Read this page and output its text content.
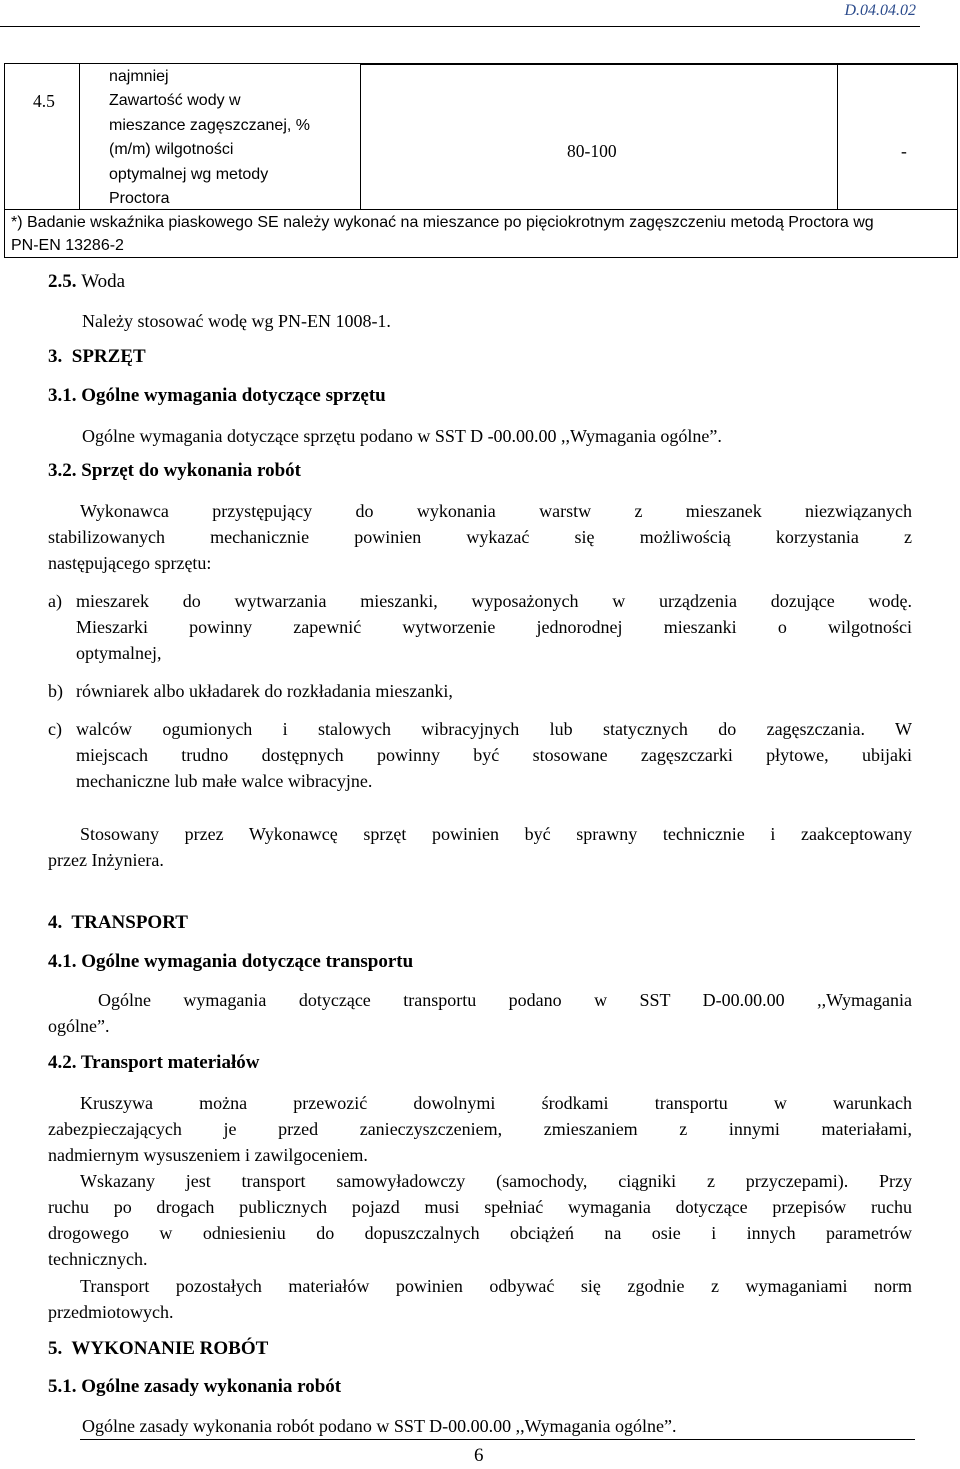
D.04.04.02
najmniej
4.5	Zawartość wody w
mieszance zagęszczanej, %
(m/m) wilgotności
optymalnej wg metody
Proctora
80-100	-
*) Badanie wskaźnika piaskowego SE należy wykonać na mieszance po pięciokrotnym zagęszczeniu metodą Proctora wg
PN-EN 13286-2
2.5. Woda
Należy stosować wodę wg PN-EN 1008-1.
3. SPRZĘT
3.1. Ogólne wymagania dotyczące sprzętu
Ogólne wymagania dotyczące sprzętu podano w SST D -00.00.00 ,,Wymagania ogólne”.
3.2. Sprzęt do wykonania robót
Wykonawca przystępujący do wykonania warstw z mieszanek niezwiązanych
stabilizowanych mechanicznie powinien wykazać się możliwością korzystania z
następującego sprzętu:
a) mieszarek do wytwarzania mieszanki, wyposażonych w urządzenia dozujące wodę.
Mieszarki powinny zapewnić wytworzenie jednorodnej mieszanki o wilgotności
optymalnej,
b) równiarek albo układarek do rozkładania mieszanki,
c) walców ogumionych i stalowych wibracyjnych lub statycznych do zagęszczania. W
miejscach trudno dostępnych powinny być stosowane zagęszczarki płytowe, ubijaki
mechaniczne lub małe walce wibracyjne.
Stosowany przez Wykonawcę sprzęt powinien być sprawny technicznie i zaakceptowany
przez Inżyniera.
4. TRANSPORT
4.1. Ogólne wymagania dotyczące transportu
Ogólne wymagania dotyczące transportu podano w SST D-00.00.00 ,,Wymagania
ogólne”.
4.2. Transport materiałów
Kruszywa można przewozić dowolnymi środkami transportu w warunkach
zabezpieczających je przed zanieczyszczeniem, zmieszaniem z innymi materiałami,
nadmiernym wysuszeniem i zawilgoceniem.
Wskazany jest transport samowyładowczy (samochody, ciągniki z przyczepami). Przy
ruchu po drogach publicznych pojazd musi spełniać wymagania dotyczące przepisów ruchu
drogowego w odniesieniu do dopuszczalnych obciążeń na osie i innych parametrów
technicznych.
Transport pozostałych materiałów powinien odbywać się zgodnie z wymaganiami norm
przedmiotowych.
5. WYKONANIE ROBÓT
5.1. Ogólne zasady wykonania robót
Ogólne zasady wykonania robót podano w SST D-00.00.00 ,,Wymagania ogólne”.
6
